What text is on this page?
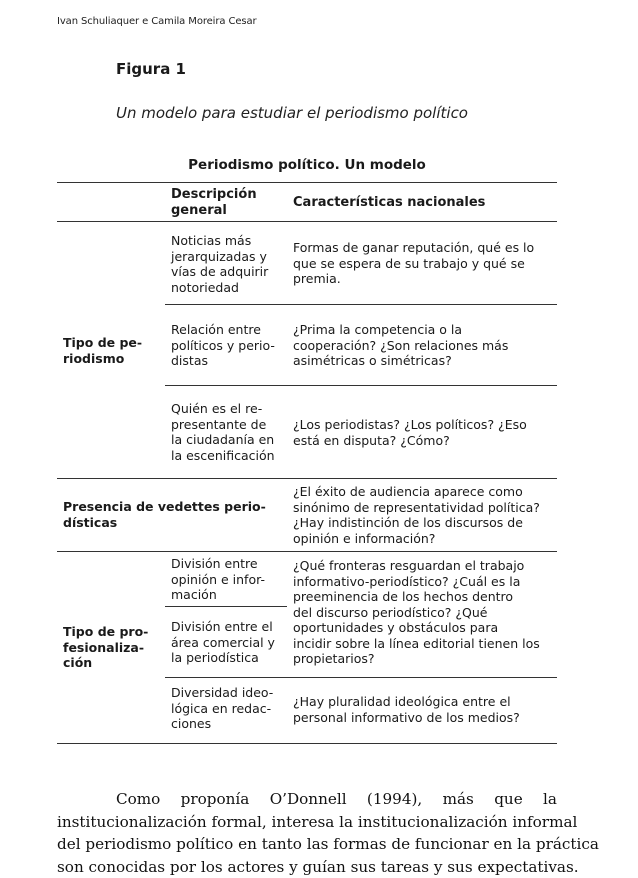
Ivan Schuliaquer e Camila Moreira Cesar
Figura 1
Un modelo para estudiar el periodismo político
Periodismo político. Un modelo
Descripción
general
Características nacionales
Tipo de pe-
riodismo
Noticias más
jerarquizadas y
vías de adquirir
notoriedad
Formas de ganar reputación, qué es lo
que se espera de su trabajo y qué se
premia.
Relación entre
políticos y perio-
distas
¿Prima la competencia o la
cooperación? ¿Son relaciones más
asimétricas o simétricas?
Quién es el re-
presentante de
la ciudadanía en
la escenificación
¿Los periodistas? ¿Los políticos? ¿Eso
está en disputa? ¿Cómo?
Presencia de vedettes perio-
dísticas
¿El éxito de audiencia aparece como
sinónimo de representatividad política?
¿Hay indistinción de los discursos de
opinión e información?
Tipo de pro-
fesionaliza-
ción
División entre
opinión e infor-
mación
División entre el
área comercial y
la periodística
¿Qué fronteras resguardan el trabajo
informativo-periodístico? ¿Cuál es la
preeminencia de los hechos dentro
del discurso periodístico? ¿Qué
oportunidades y obstáculos para
incidir sobre la línea editorial tienen los
propietarios?
Diversidad ideo-
lógica en redac-
ciones
¿Hay pluralidad ideológica entre el
personal informativo de los medios?
Como proponía O’Donnell (1994), más que la
institucionalización formal, interesa la institucionalización informal
del periodismo político en tanto las formas de funcionar en la práctica
son conocidas por los actores y guían sus tareas y sus expectativas.
